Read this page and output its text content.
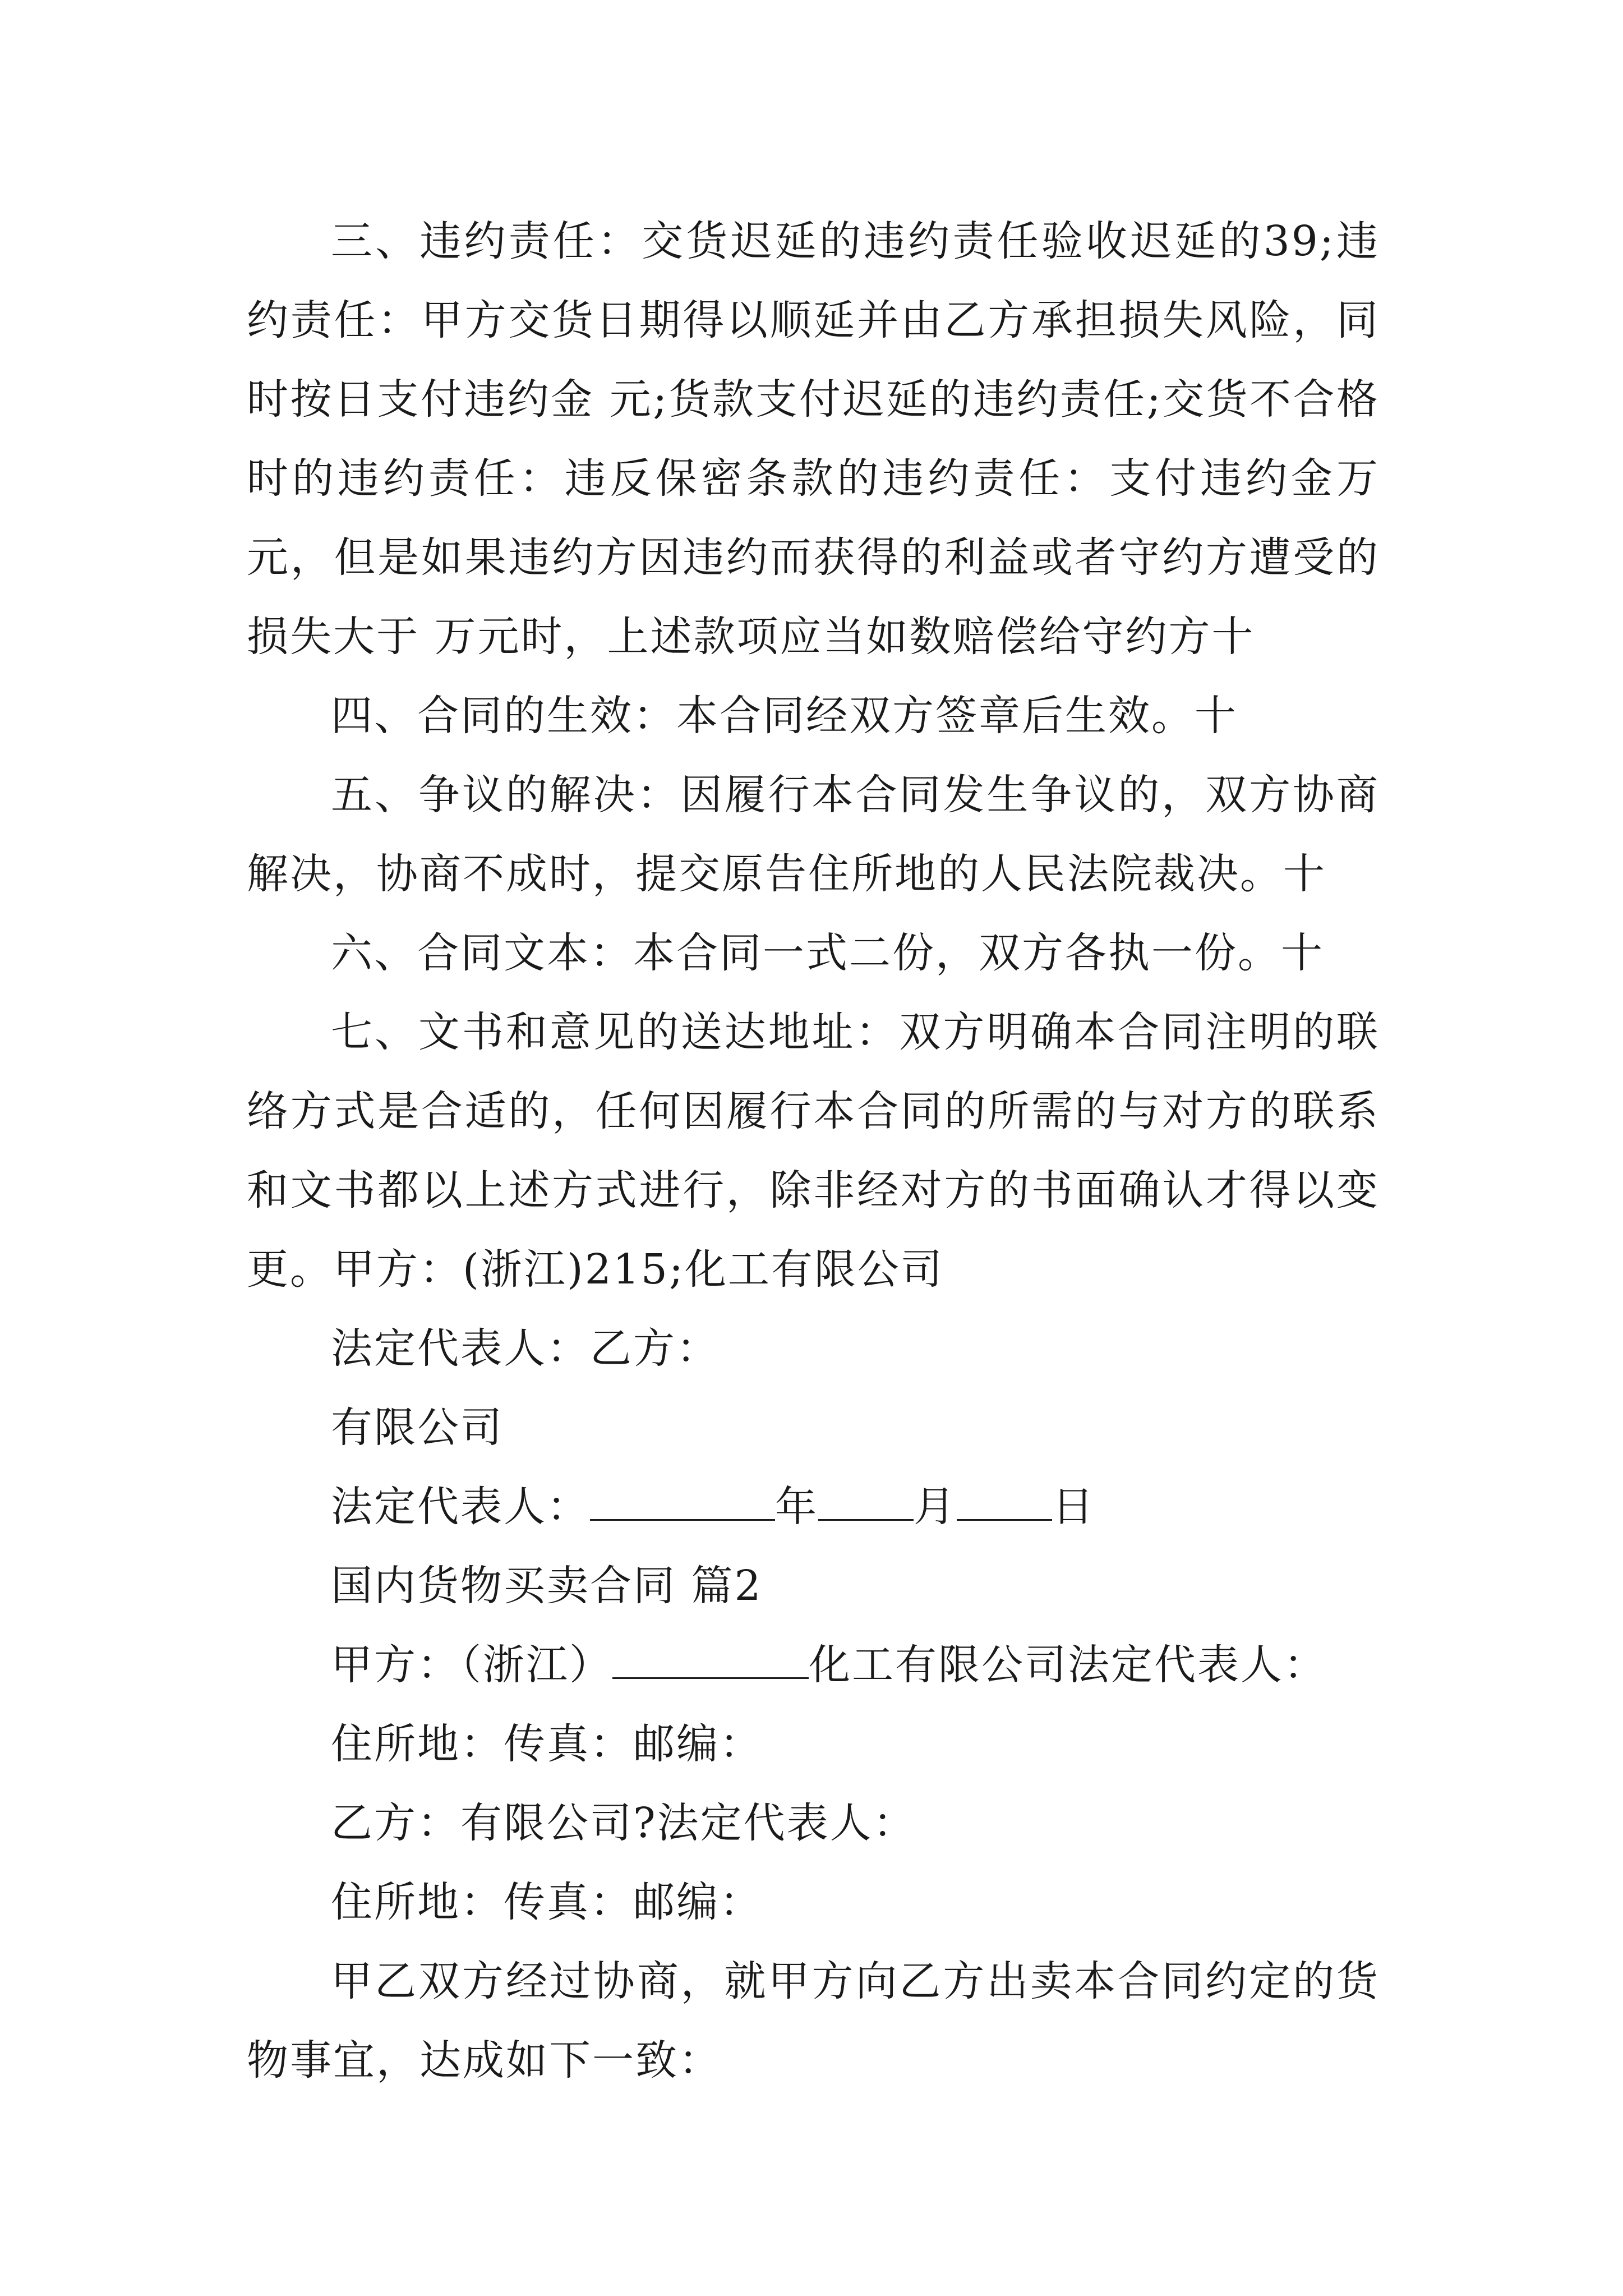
三、违约责任：交货迟延的违约责任验收迟延的39;违约责任：甲方交货日期得以顺延并由乙方承担损失风险，同时按日支付违约金 元;货款支付迟延的违约责任;交货不合格时的违约责任：违反保密条款的违约责任：支付违约金万元，但是如果违约方因违约而获得的利益或者守约方遭受的损失大于 万元时，上述款项应当如数赔偿给守约方十

四、合同的生效：本合同经双方签章后生效。十

五、争议的解决：因履行本合同发生争议的，双方协商解决，协商不成时，提交原告住所地的人民法院裁决。十

六、合同文本：本合同一式二份，双方各执一份。十

七、文书和意见的送达地址：双方明确本合同注明的联络方式是合适的，任何因履行本合同的所需的与对方的联系和文书都以上述方式进行，除非经对方的书面确认才得以变更。甲方：(浙江)215;化工有限公司

法定代表人：乙方：

有限公司

法定代表人：	年 月 日

国内货物买卖合同 篇2

甲方：（浙江）	化工有限公司法定代表人：

住所地：传真：邮编：

乙方：有限公司?法定代表人：

住所地：传真：邮编：

甲乙双方经过协商，就甲方向乙方出卖本合同约定的货物事宜，达成如下一致：
